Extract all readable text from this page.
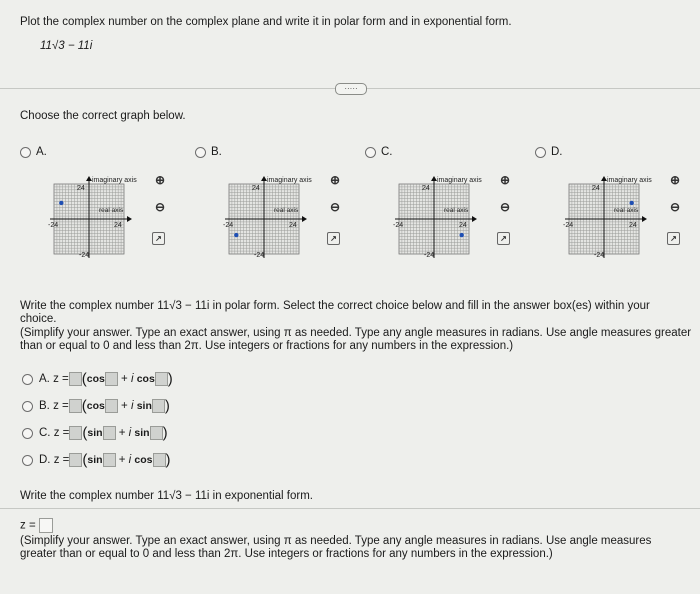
Plot the complex number on the complex plane and write it in polar form and in exponential form.
11√3 − 11i
·····
Choose the correct graph below.
A.
imaginary axis
real axis
24
24
-24
-24
⊕
⊖
↗
B.
imaginary axis
real axis
24
24
-24
-24
⊕
⊖
↗
C.
imaginary axis
real axis
24
24
-24
-24
⊕
⊖
↗
D.
imaginary axis
real axis
24
24
-24
-24
⊕
⊖
↗
Write the complex number 11√3 − 11i in polar form. Select the correct choice below and fill in the answer box(es) within your choice.
(Simplify your answer. Type an exact answer, using π as needed. Type any angle measures in radians. Use angle measures greater than or equal to 0 and less than 2π. Use integers or fractions for any numbers in the expression.)
A. z = (cos + i cos )
B. z = (cos + i sin )
C. z = (sin + i sin )
D. z = (sin + i cos )
Write the complex number 11√3 − 11i in exponential form.
z =
(Simplify your answer. Type an exact answer, using π as needed. Type any angle measures in radians. Use angle measures greater than or equal to 0 and less than 2π. Use integers or fractions for any numbers in the expression.)
